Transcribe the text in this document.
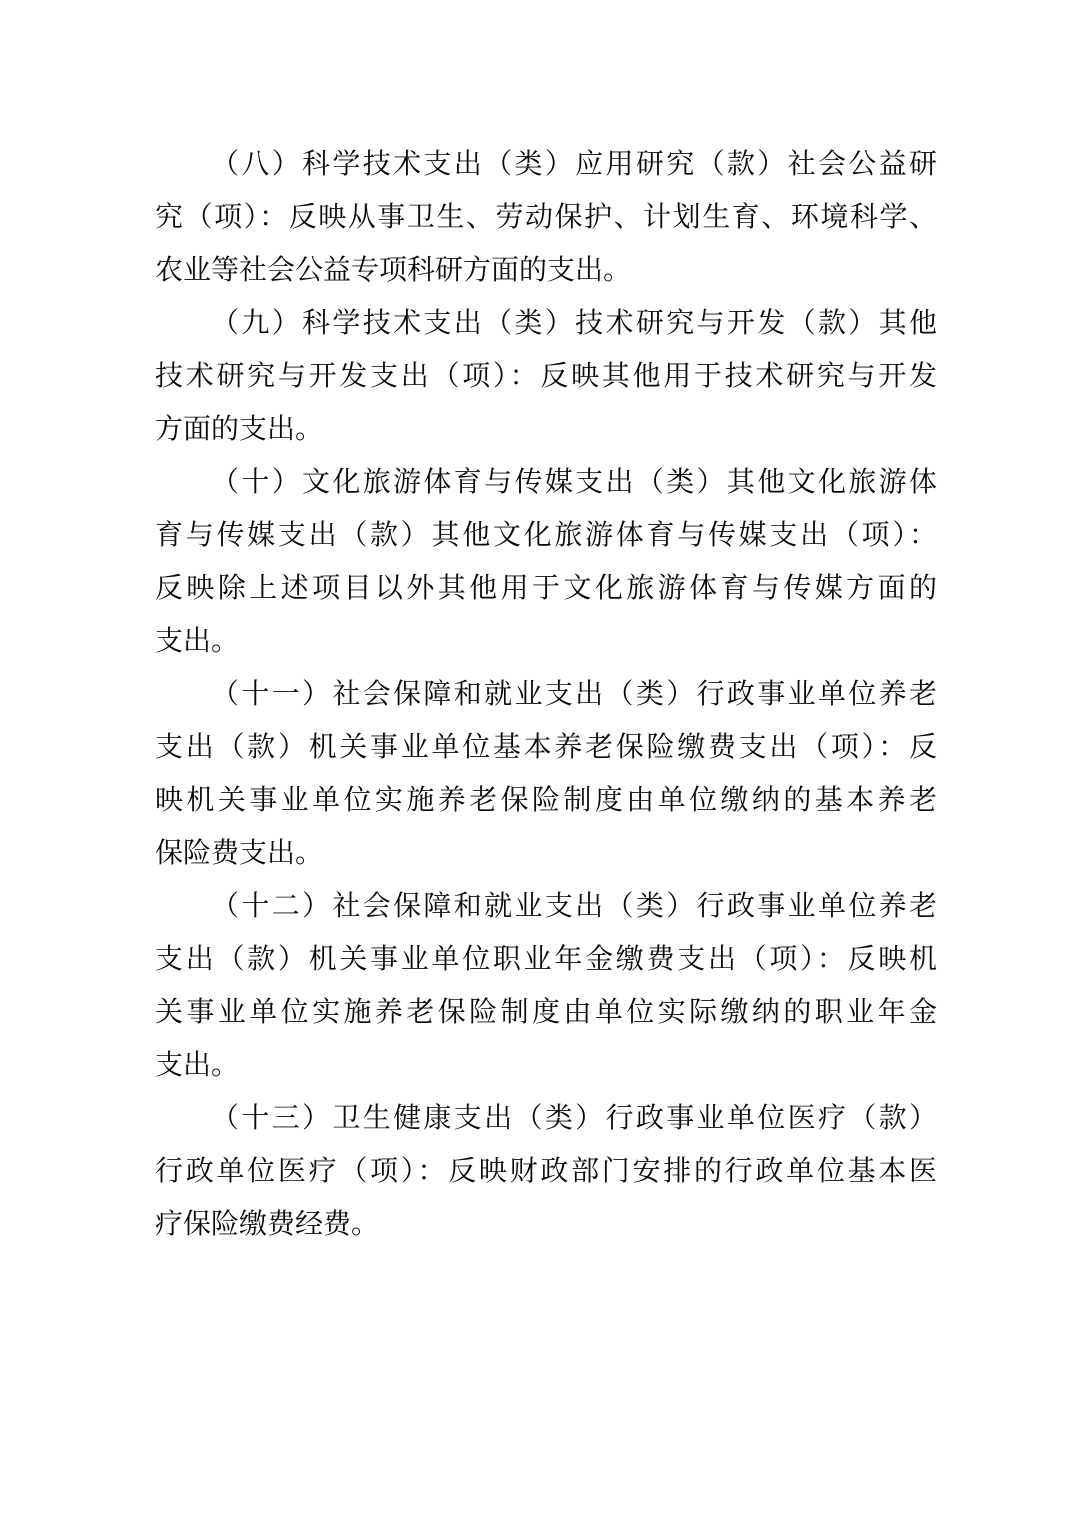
（八）科学技术支出（类）应用研究（款）社会公益研
究（项）：反映从事卫生、劳动保护、计划生育、环境科学、
农业等社会公益专项科研方面的支出。
（九）科学技术支出（类）技术研究与开发（款）其他
技术研究与开发支出（项）：反映其他用于技术研究与开发
方面的支出。
（十）文化旅游体育与传媒支出（类）其他文化旅游体
育与传媒支出（款）其他文化旅游体育与传媒支出（项）：
反映除上述项目以外其他用于文化旅游体育与传媒方面的
支出。
（十一）社会保障和就业支出（类）行政事业单位养老
支出（款）机关事业单位基本养老保险缴费支出（项）：反
映机关事业单位实施养老保险制度由单位缴纳的基本养老
保险费支出。
（十二）社会保障和就业支出（类）行政事业单位养老
支出（款）机关事业单位职业年金缴费支出（项）：反映机
关事业单位实施养老保险制度由单位实际缴纳的职业年金
支出。
（十三）卫生健康支出（类）行政事业单位医疗（款）
行政单位医疗（项）：反映财政部门安排的行政单位基本医
疗保险缴费经费。
